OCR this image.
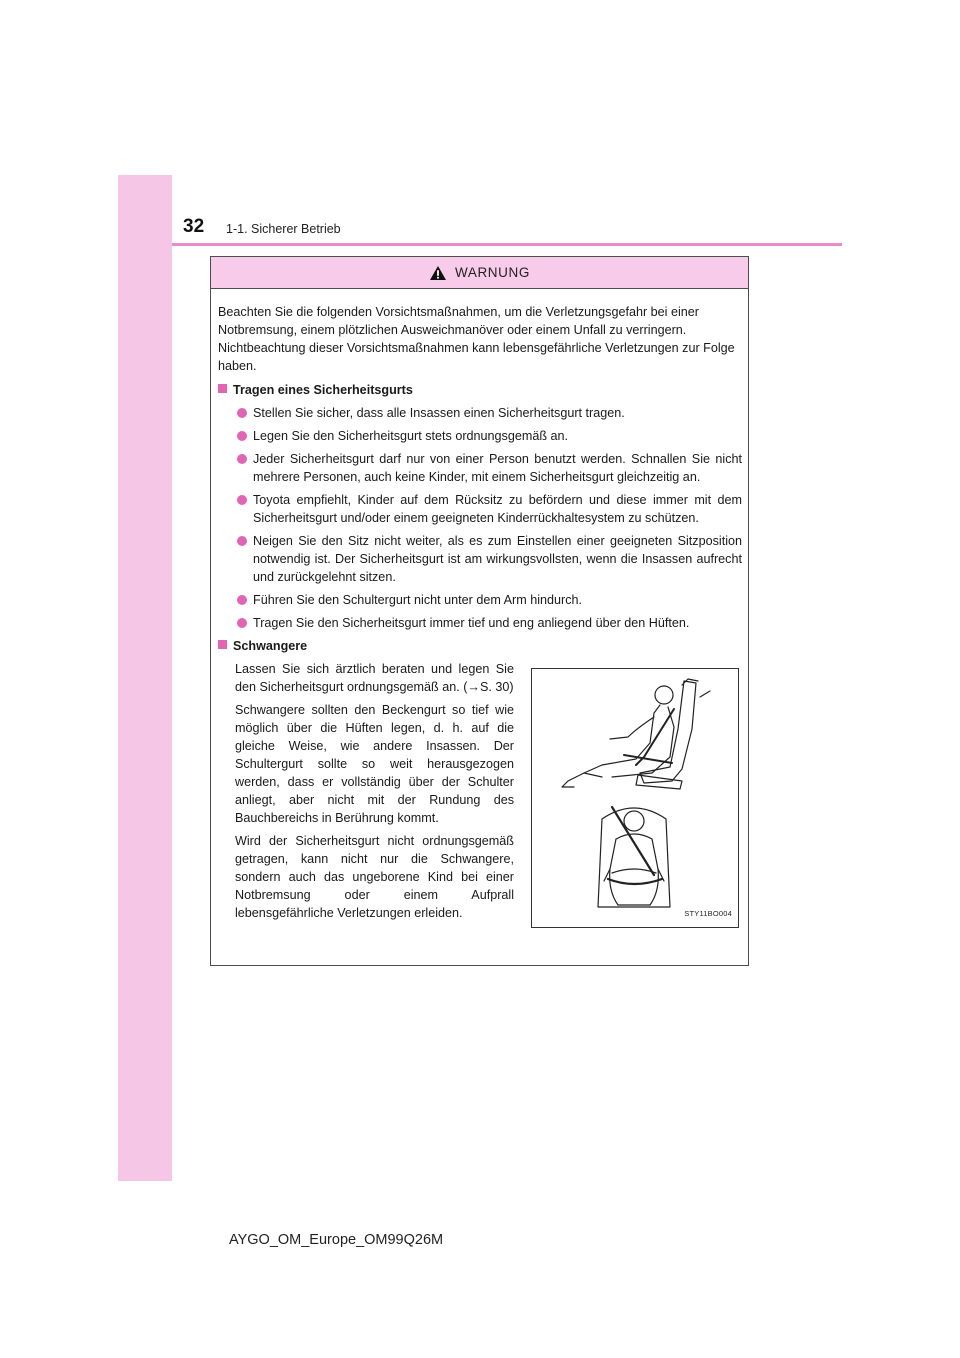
32 1-1. Sicherer Betrieb
WARNUNG

Beachten Sie die folgenden Vorsichtsmaßnahmen, um die Verletzungsgefahr bei einer Notbremsung, einem plötzlichen Ausweichmanöver oder einem Unfall zu verringern. Nichtbeachtung dieser Vorsichtsmaßnahmen kann lebensgefährliche Verletzungen zur Folge haben.

Tragen eines Sicherheitsgurts
Stellen Sie sicher, dass alle Insassen einen Sicherheitsgurt tragen.
Legen Sie den Sicherheitsgurt stets ordnungsgemäß an.
Jeder Sicherheitsgurt darf nur von einer Person benutzt werden. Schnallen Sie nicht mehrere Personen, auch keine Kinder, mit einem Sicherheitsgurt gleichzeitig an.
Toyota empfiehlt, Kinder auf dem Rücksitz zu befördern und diese immer mit dem Sicherheitsgurt und/oder einem geeigneten Kinderrückhaltesystem zu schützen.
Neigen Sie den Sitz nicht weiter, als es zum Einstellen einer geeigneten Sitzposition notwendig ist. Der Sicherheitsgurt ist am wirkungsvollsten, wenn die Insassen aufrecht und zurückgelehnt sitzen.
Führen Sie den Schultergurt nicht unter dem Arm hindurch.
Tragen Sie den Sicherheitsgurt immer tief und eng anliegend über den Hüften.
Schwangere

Lassen Sie sich ärztlich beraten und legen Sie den Sicherheitsgurt ordnungsgemäß an. (→S. 30)

Schwangere sollten den Beckengurt so tief wie möglich über die Hüften legen, d. h. auf die gleiche Weise, wie andere Insassen. Der Schultergurt sollte so weit herausgezogen werden, dass er vollständig über der Schulter anliegt, aber nicht mit der Rundung des Bauchbereichs in Berührung kommt.

Wird der Sicherheitsgurt nicht ordnungsgemäß getragen, kann nicht nur die Schwangere, sondern auch das ungeborene Kind bei einer Notbremsung oder einem Aufprall lebensgefährliche Verletzungen erleiden.	STY11BO004
AYGO_OM_Europe_OM99Q26M
